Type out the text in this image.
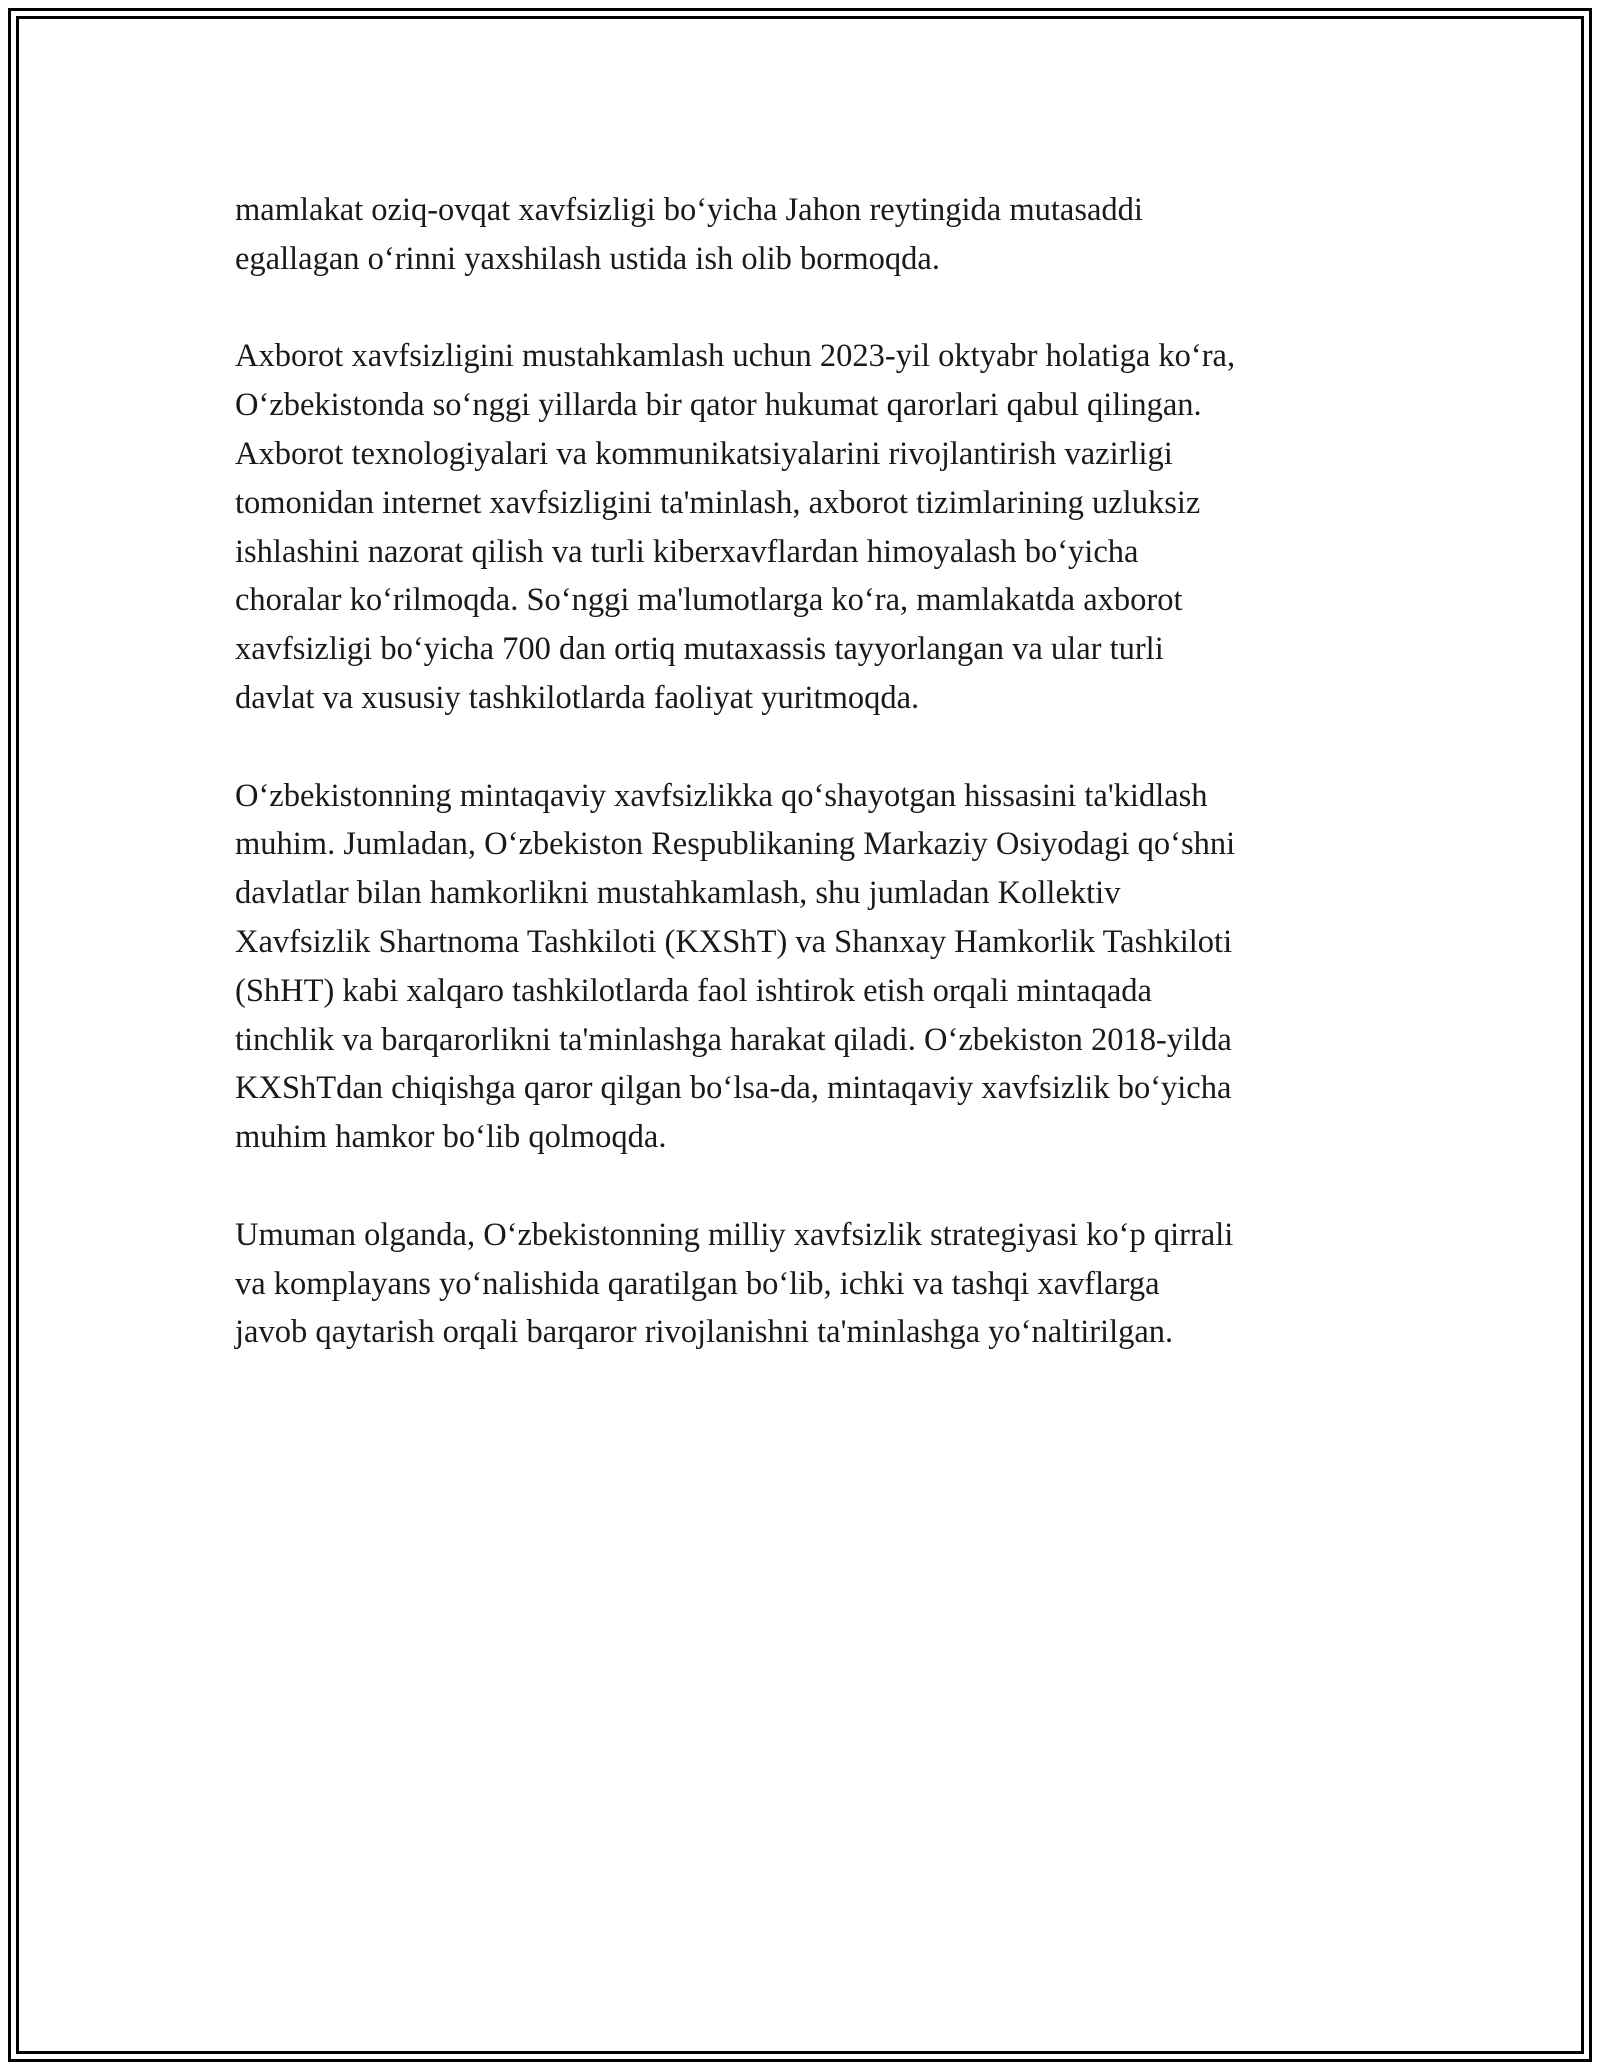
mamlakat oziq-ovqat xavfsizligi bo‘yicha Jahon reytingida mutasaddi
egallagan o‘rinni yaxshilash ustida ish olib bormoqda.

Axborot xavfsizligini mustahkamlash uchun 2023-yil oktyabr holatiga ko‘ra,
O‘zbekistonda so‘nggi yillarda bir qator hukumat qarorlari qabul qilingan.
Axborot texnologiyalari va kommunikatsiyalarini rivojlantirish vazirligi
tomonidan internet xavfsizligini ta'minlash, axborot tizimlarining uzluksiz
ishlashini nazorat qilish va turli kiberxavflardan himoyalash bo‘yicha
choralar ko‘rilmoqda. So‘nggi ma'lumotlarga ko‘ra, mamlakatda axborot
xavfsizligi bo‘yicha 700 dan ortiq mutaxassis tayyorlangan va ular turli
davlat va xususiy tashkilotlarda faoliyat yuritmoqda.

O‘zbekistonning mintaqaviy xavfsizlikka qo‘shayotgan hissasini ta'kidlash
muhim. Jumladan, O‘zbekiston Respublikaning Markaziy Osiyodagi qo‘shni
davlatlar bilan hamkorlikni mustahkamlash, shu jumladan Kollektiv
Xavfsizlik Shartnoma Tashkiloti (KXShT) va Shanxay Hamkorlik Tashkiloti
(ShHT) kabi xalqaro tashkilotlarda faol ishtirok etish orqali mintaqada
tinchlik va barqarorlikni ta'minlashga harakat qiladi. O‘zbekiston 2018-yilda
KXShTdan chiqishga qaror qilgan bo‘lsa-da, mintaqaviy xavfsizlik bo‘yicha
muhim hamkor bo‘lib qolmoqda.

Umuman olganda, O‘zbekistonning milliy xavfsizlik strategiyasi ko‘p qirrali
va komplayans yo‘nalishida qaratilgan bo‘lib, ichki va tashqi xavflarga
javob qaytarish orqali barqaror rivojlanishni ta'minlashga yo‘naltirilgan.
